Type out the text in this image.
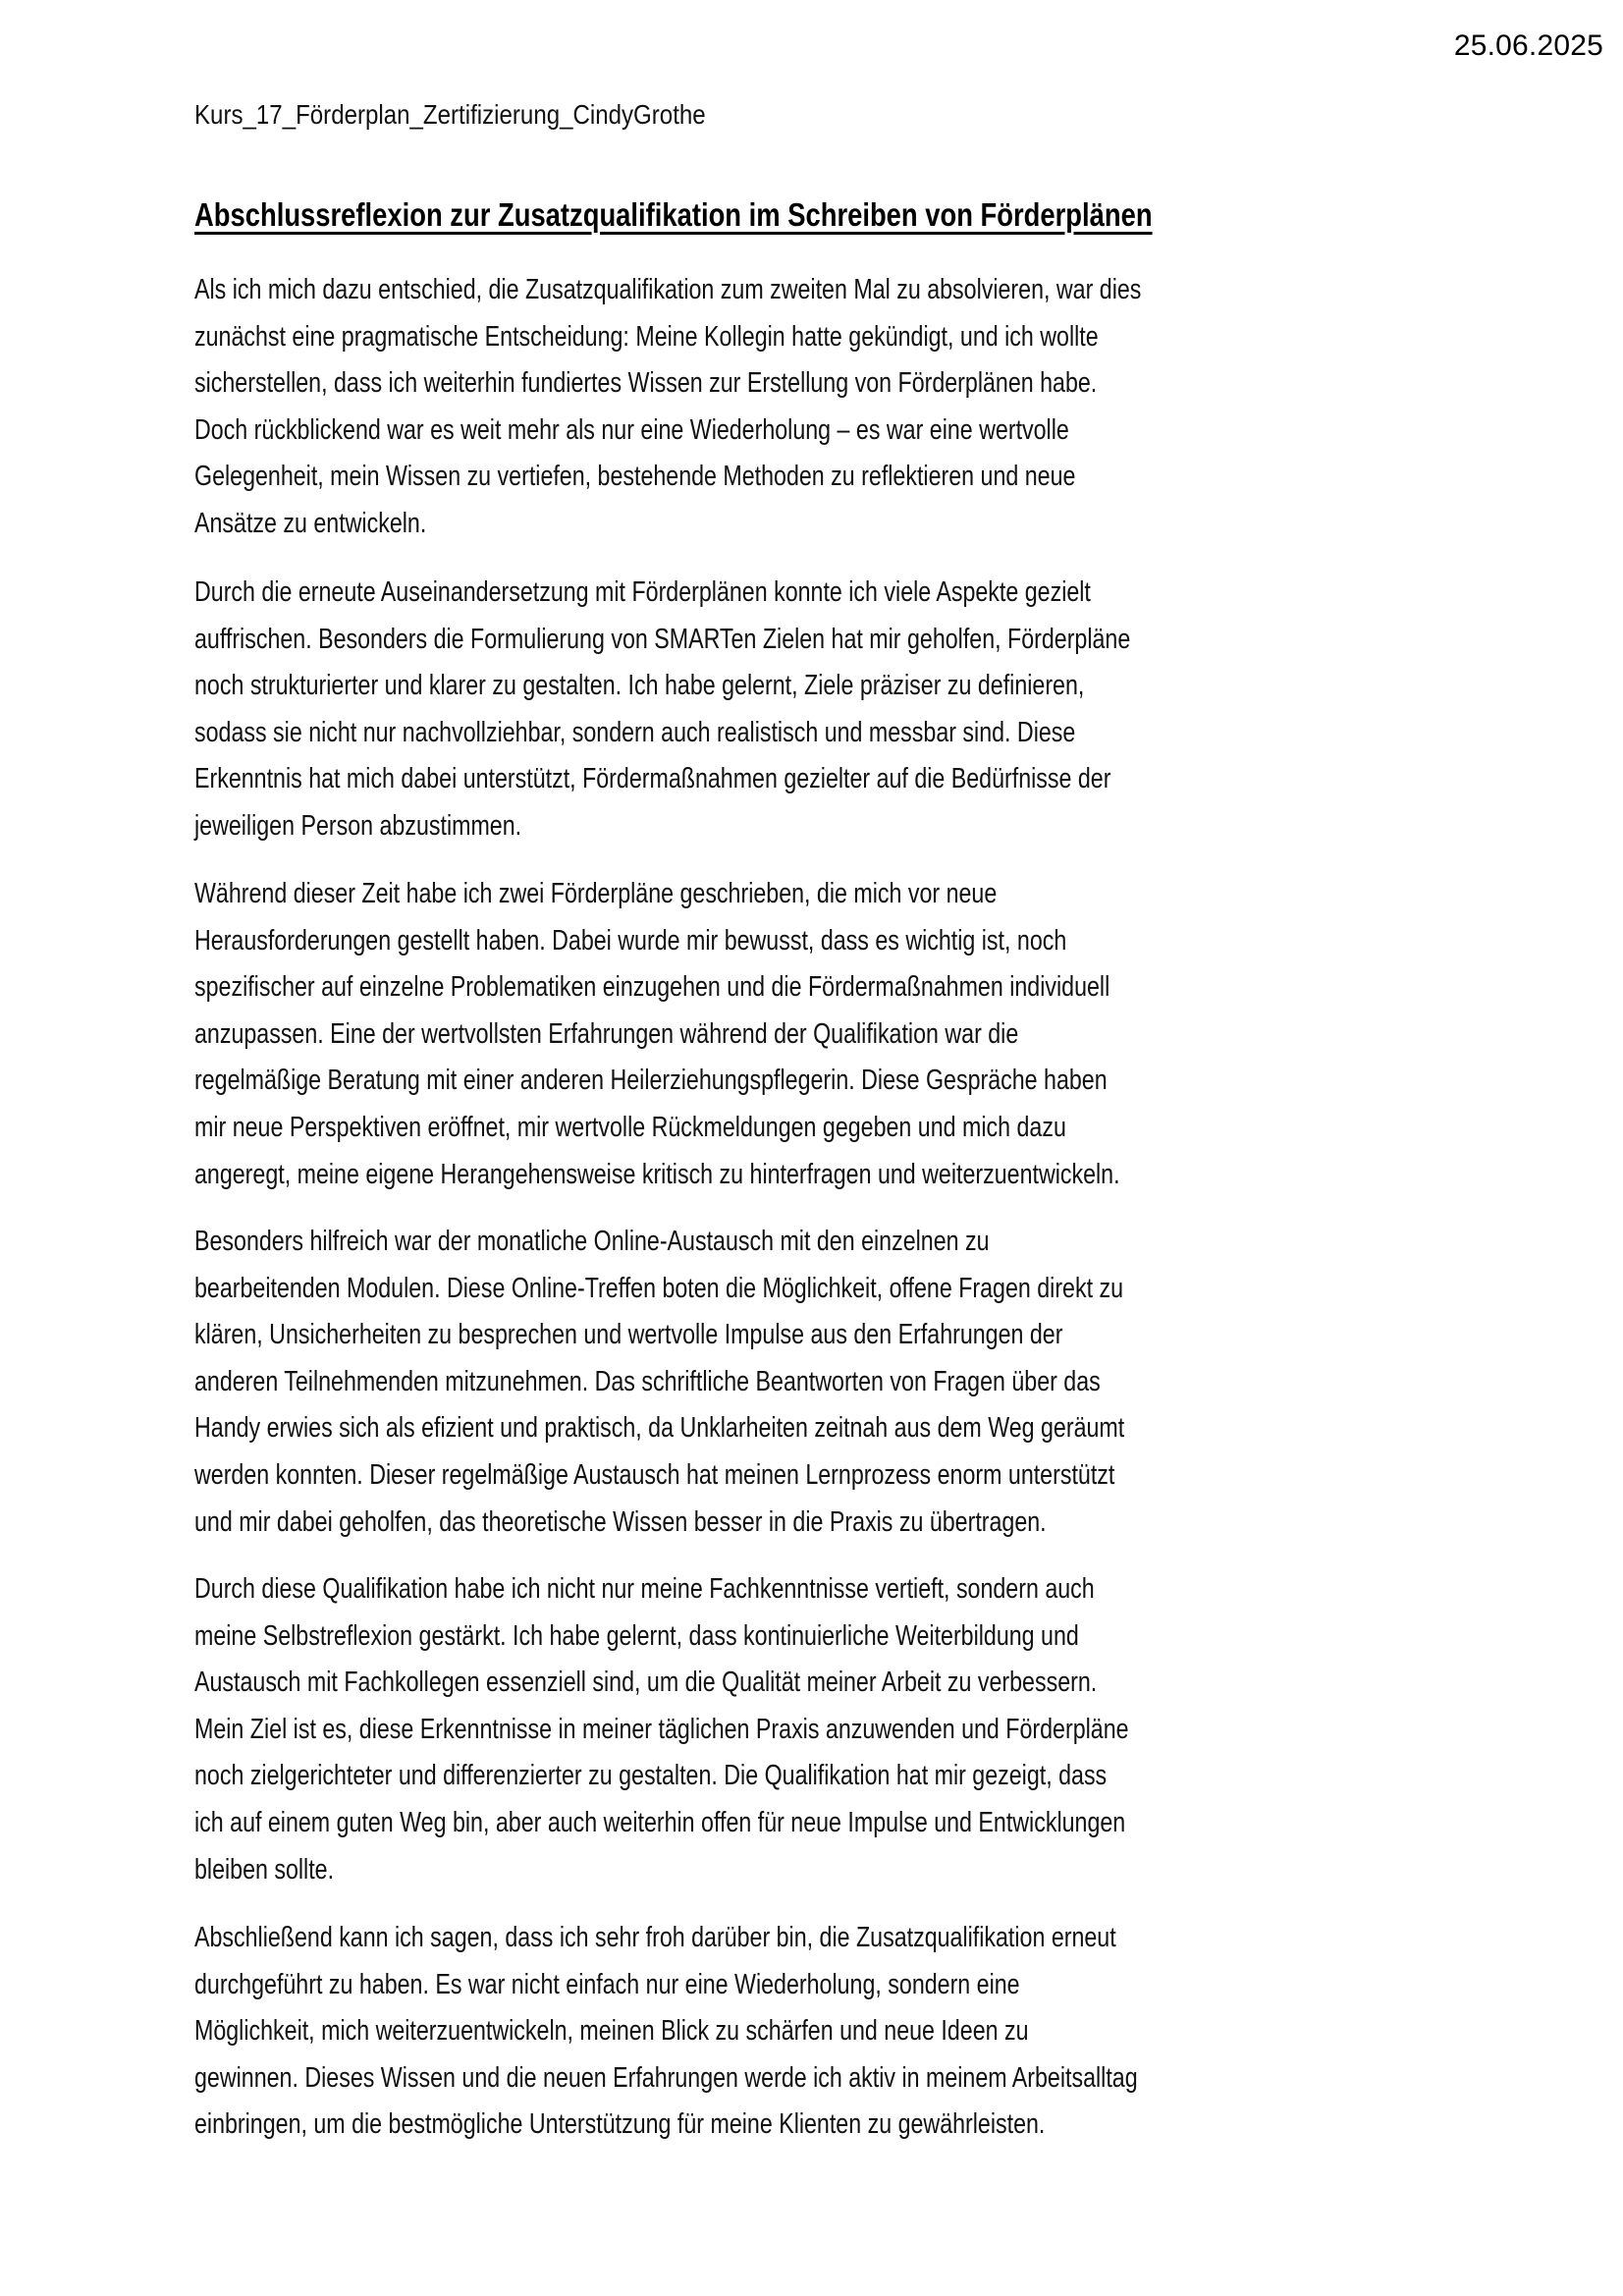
25.06.2025
Kurs_17_Förderplan_Zertifizierung_CindyGrothe
Abschlussreflexion zur Zusatzqualifikation im Schreiben von Förderplänen

Als ich mich dazu entschied, die Zusatzqualifikation zum zweiten Mal zu absolvieren, war dies
zunächst eine pragmatische Entscheidung: Meine Kollegin hatte gekündigt, und ich wollte
sicherstellen, dass ich weiterhin fundiertes Wissen zur Erstellung von Förderplänen habe.
Doch rückblickend war es weit mehr als nur eine Wiederholung – es war eine wertvolle
Gelegenheit, mein Wissen zu vertiefen, bestehende Methoden zu reflektieren und neue
Ansätze zu entwickeln.

Durch die erneute Auseinandersetzung mit Förderplänen konnte ich viele Aspekte gezielt
auffrischen. Besonders die Formulierung von SMARTen Zielen hat mir geholfen, Förderpläne
noch strukturierter und klarer zu gestalten. Ich habe gelernt, Ziele präziser zu definieren,
sodass sie nicht nur nachvollziehbar, sondern auch realistisch und messbar sind. Diese
Erkenntnis hat mich dabei unterstützt, Fördermaßnahmen gezielter auf die Bedürfnisse der
jeweiligen Person abzustimmen.

Während dieser Zeit habe ich zwei Förderpläne geschrieben, die mich vor neue
Herausforderungen gestellt haben. Dabei wurde mir bewusst, dass es wichtig ist, noch
spezifischer auf einzelne Problematiken einzugehen und die Fördermaßnahmen individuell
anzupassen. Eine der wertvollsten Erfahrungen während der Qualifikation war die
regelmäßige Beratung mit einer anderen Heilerziehungspflegerin. Diese Gespräche haben
mir neue Perspektiven eröffnet, mir wertvolle Rückmeldungen gegeben und mich dazu
angeregt, meine eigene Herangehensweise kritisch zu hinterfragen und weiterzuentwickeln.

Besonders hilfreich war der monatliche Online-Austausch mit den einzelnen zu
bearbeitenden Modulen. Diese Online-Treffen boten die Möglichkeit, offene Fragen direkt zu
klären, Unsicherheiten zu besprechen und wertvolle Impulse aus den Erfahrungen der
anderen Teilnehmenden mitzunehmen. Das schriftliche Beantworten von Fragen über das
Handy erwies sich als efizient und praktisch, da Unklarheiten zeitnah aus dem Weg geräumt
werden konnten. Dieser regelmäßige Austausch hat meinen Lernprozess enorm unterstützt
und mir dabei geholfen, das theoretische Wissen besser in die Praxis zu übertragen.

Durch diese Qualifikation habe ich nicht nur meine Fachkenntnisse vertieft, sondern auch
meine Selbstreflexion gestärkt. Ich habe gelernt, dass kontinuierliche Weiterbildung und
Austausch mit Fachkollegen essenziell sind, um die Qualität meiner Arbeit zu verbessern.
Mein Ziel ist es, diese Erkenntnisse in meiner täglichen Praxis anzuwenden und Förderpläne
noch zielgerichteter und differenzierter zu gestalten. Die Qualifikation hat mir gezeigt, dass
ich auf einem guten Weg bin, aber auch weiterhin offen für neue Impulse und Entwicklungen
bleiben sollte.

Abschließend kann ich sagen, dass ich sehr froh darüber bin, die Zusatzqualifikation erneut
durchgeführt zu haben. Es war nicht einfach nur eine Wiederholung, sondern eine
Möglichkeit, mich weiterzuentwickeln, meinen Blick zu schärfen und neue Ideen zu
gewinnen. Dieses Wissen und die neuen Erfahrungen werde ich aktiv in meinem Arbeitsalltag
einbringen, um die bestmögliche Unterstützung für meine Klienten zu gewährleisten.
